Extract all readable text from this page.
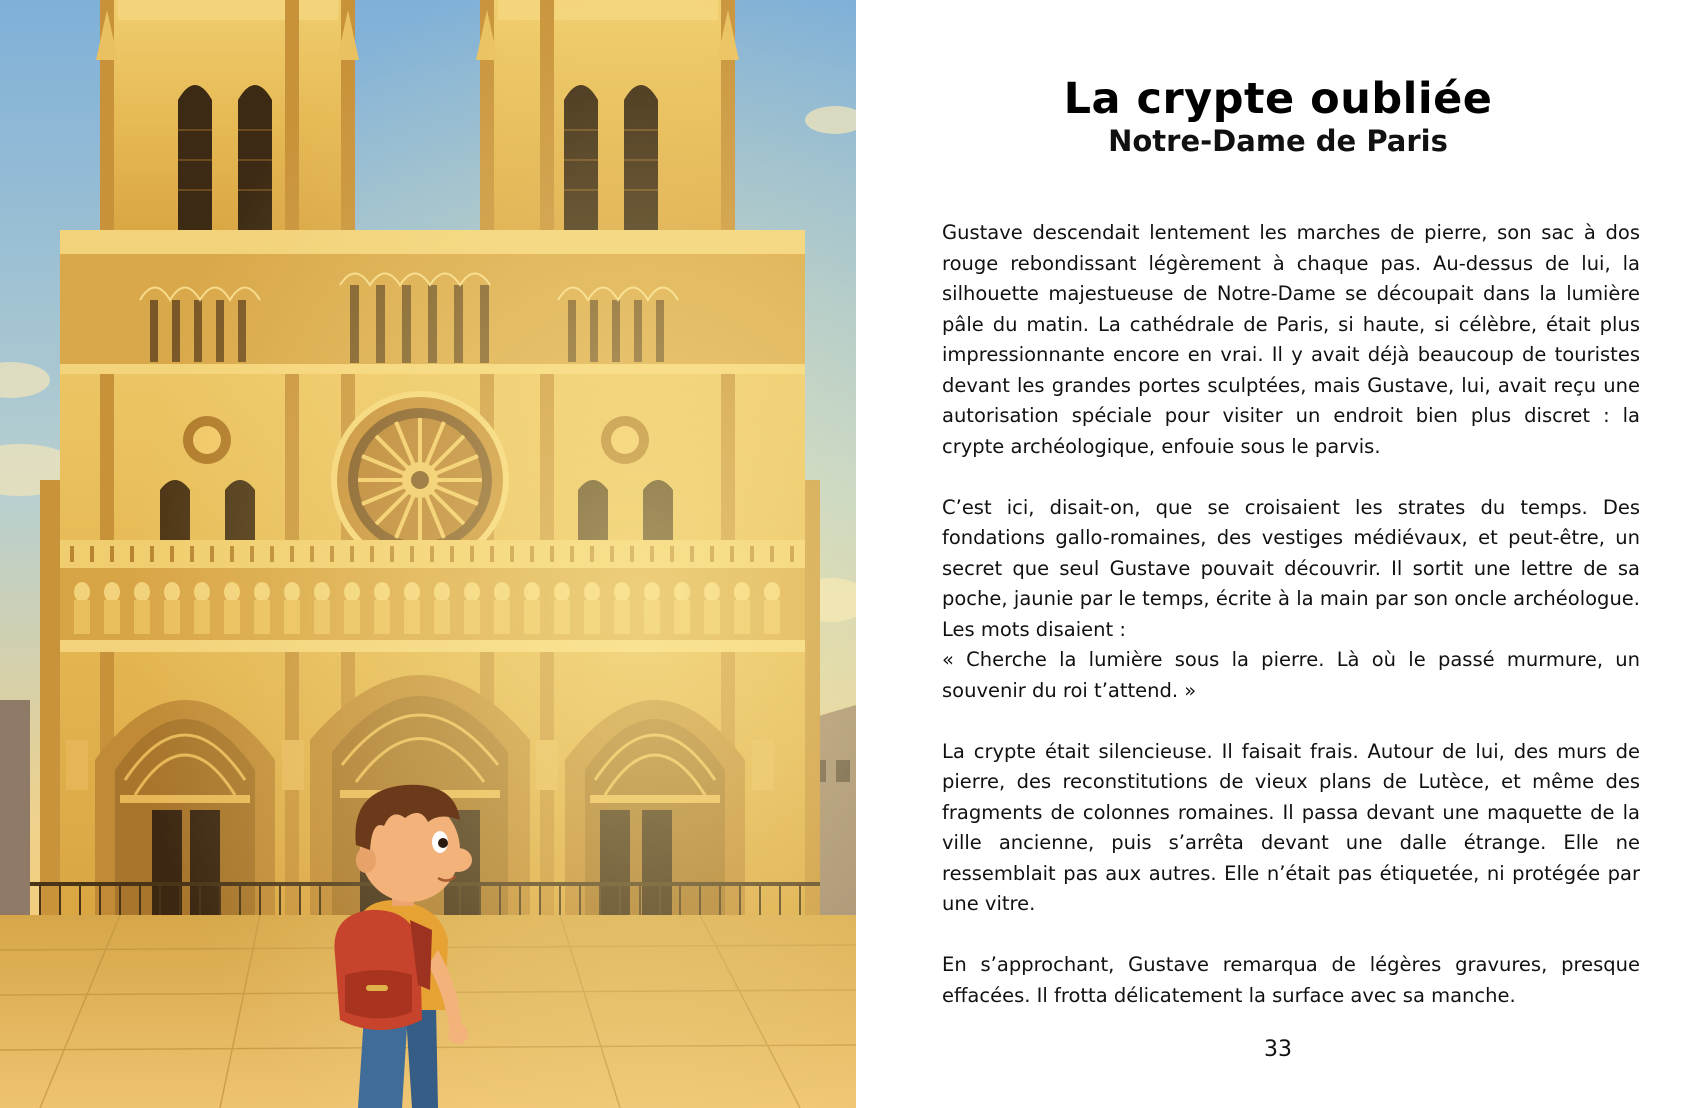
La crypte oubliée
Notre-Dame de Paris

Gustave descendait lentement les marches de pierre, son sac à dos rouge rebondissant légèrement à chaque pas. Au-dessus de lui, la silhouette majestueuse de Notre-Dame se découpait dans la lumière pâle du matin. La cathédrale de Paris, si haute, si célèbre, était plus impressionnante encore en vrai. Il y avait déjà beaucoup de touristes devant les grandes portes sculptées, mais Gustave, lui, avait reçu une autorisation spéciale pour visiter un endroit bien plus discret : la crypte archéologique, enfouie sous le parvis.

C’est ici, disait-on, que se croisaient les strates du temps. Des fondations gallo-romaines, des vestiges médiévaux, et peut-être, un secret que seul Gustave pouvait découvrir. Il sortit une lettre de sa poche, jaunie par le temps, écrite à la main par son oncle archéologue. Les mots disaient :
« Cherche la lumière sous la pierre. Là où le passé murmure, un souvenir du roi t’attend. »

La crypte était silencieuse. Il faisait frais. Autour de lui, des murs de pierre, des reconstitutions de vieux plans de Lutèce, et même des fragments de colonnes romaines. Il passa devant une maquette de la ville ancienne, puis s’arrêta devant une dalle étrange. Elle ne ressemblait pas aux autres. Elle n’était pas étiquetée, ni protégée par une vitre.

En s’approchant, Gustave remarqua de légères gravures, presque effacées. Il frotta délicatement la surface avec sa manche.

33
